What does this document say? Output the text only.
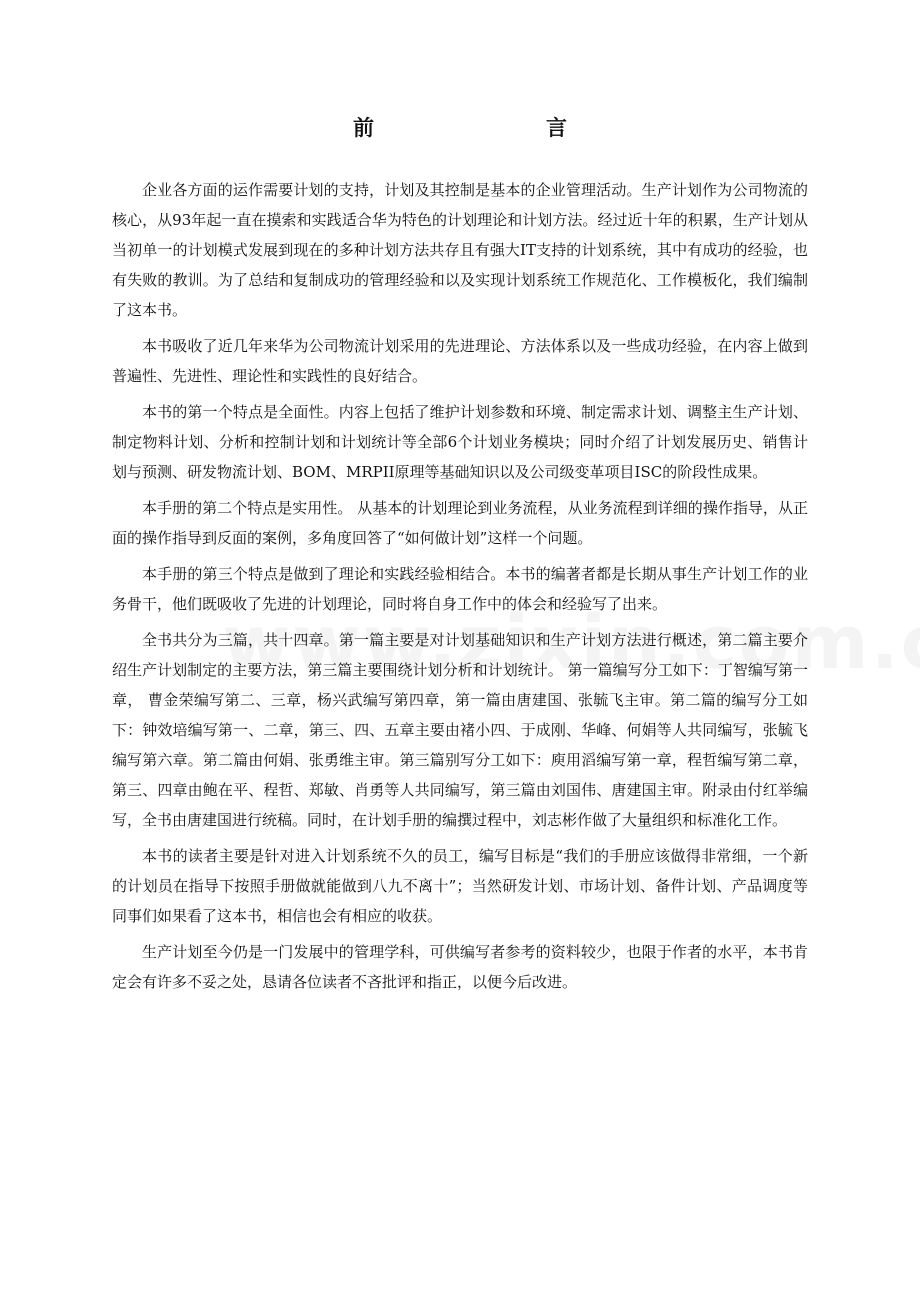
前	言

企业各方面的运作需要计划的支持，计划及其控制是基本的企业管理活动。生产计划作为公司物流的核心，从93年起一直在摸索和实践适合华为特色的计划理论和计划方法。经过近十年的积累，生产计划从当初单一的计划模式发展到现在的多种计划方法共存且有强大IT支持的计划系统，其中有成功的经验，也有失败的教训。为了总结和复制成功的管理经验和以及实现计划系统工作规范化、工作模板化，我们编制了这本书。

本书吸收了近几年来华为公司物流计划采用的先进理论、方法体系以及一些成功经验，在内容上做到普遍性、先进性、理论性和实践性的良好结合。

本书的第一个特点是全面性。内容上包括了维护计划参数和环境、制定需求计划、调整主生产计划、制定物料计划、分析和控制计划和计划统计等全部6个计划业务模块；同时介绍了计划发展历史、销售计划与预测、研发物流计划、BOM、MRPII原理等基础知识以及公司级变革项目ISC的阶段性成果。

本手册的第二个特点是实用性。 从基本的计划理论到业务流程，从业务流程到详细的操作指导，从正面的操作指导到反面的案例，多角度回答了“如何做计划”这样一个问题。

本手册的第三个特点是做到了理论和实践经验相结合。本书的编著者都是长期从事生产计划工作的业务骨干，他们既吸收了先进的计划理论，同时将自身工作中的体会和经验写了出来。

全书共分为三篇，共十四章。第一篇主要是对计划基础知识和生产计划方法进行概述，第二篇主要介绍生产计划制定的主要方法，第三篇主要围绕计划分析和计划统计。 第一篇编写分工如下：丁智编写第一章， 曹金荣编写第二、三章，杨兴武编写第四章，第一篇由唐建国、张毓飞主审。第二篇的编写分工如下：钟效培编写第一、二章，第三、四、五章主要由褚小四、于成刚、华峰、何娟等人共同编写，张毓飞编写第六章。第二篇由何娟、张勇维主审。第三篇别写分工如下：庾用滔编写第一章，程哲编写第二章，第三、四章由鲍在平、程哲、郑敏、肖勇等人共同编写，第三篇由刘国伟、唐建国主审。附录由付红举编写，全书由唐建国进行统稿。同时，在计划手册的编撰过程中，刘志彬作做了大量组织和标准化工作。

本书的读者主要是针对进入计划系统不久的员工，编写目标是“我们的手册应该做得非常细，一个新的计划员在指导下按照手册做就能做到八九不离十”；当然研发计划、市场计划、备件计划、产品调度等同事们如果看了这本书，相信也会有相应的收获。

生产计划至今仍是一门发展中的管理学科，可供编写者参考的资料较少，也限于作者的水平，本书肯定会有许多不妥之处，恳请各位读者不吝批评和指正，以便今后改进。
